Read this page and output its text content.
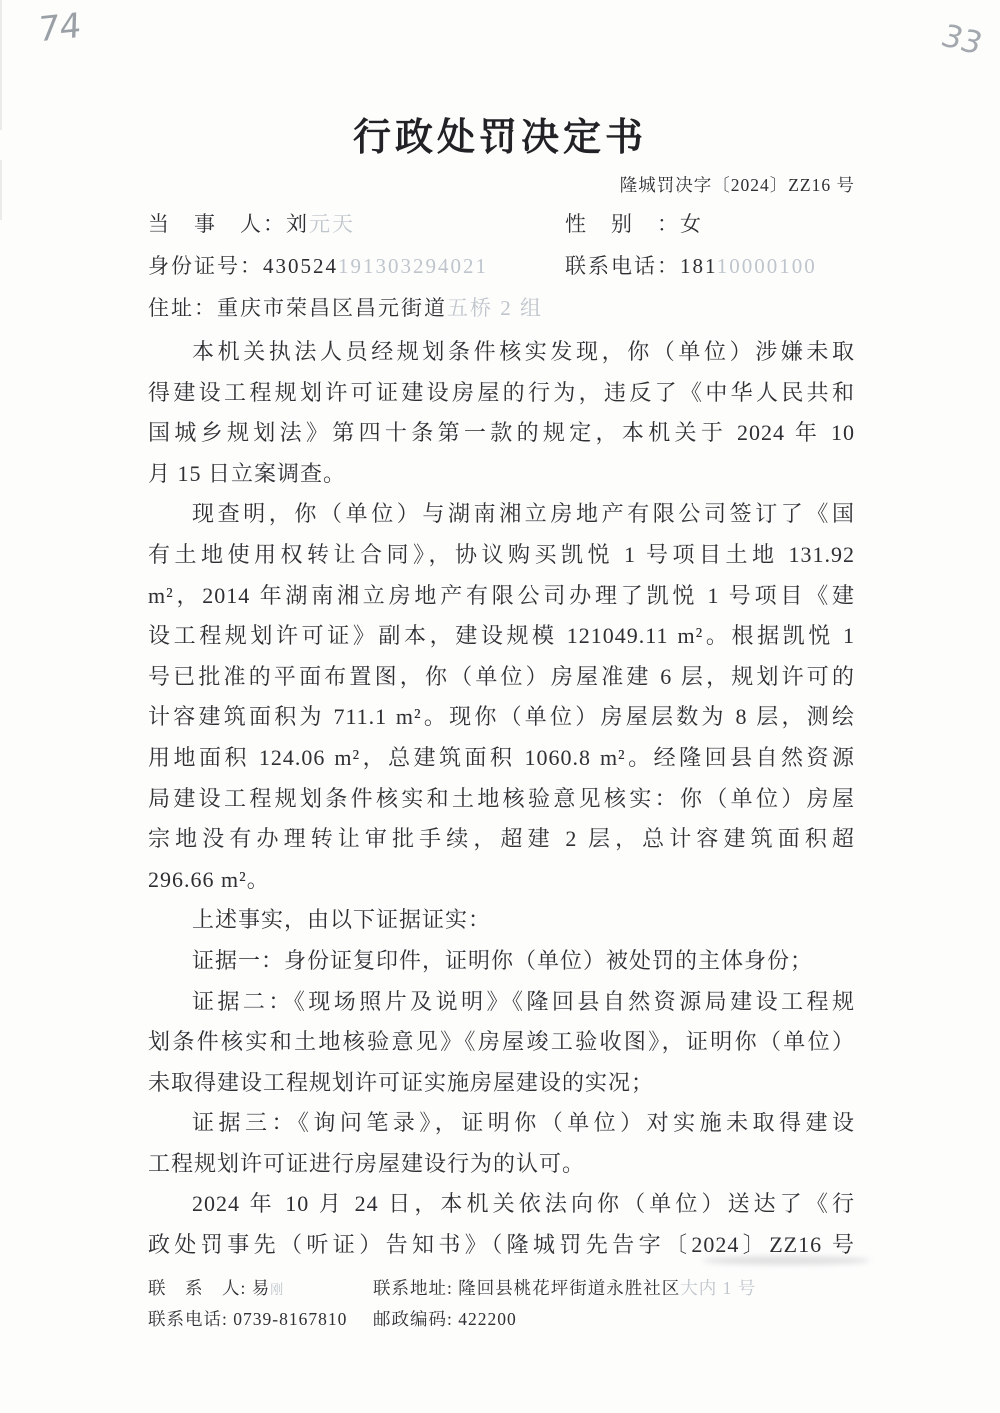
74	33
行政处罚决定书
隆城罚决字〔2024〕ZZ16 号
当　事　人：刘元天	性　别　：女
身份证号：430524191303294021	联系电话：18110000100
住址：重庆市荣昌区昌元街道五桥 2 组
本机关执法人员经规划条件核实发现，你（单位）涉嫌未取
得建设工程规划许可证建设房屋的行为，违反了《中华人民共和
国城乡规划法》第四十条第一款的规定，本机关于 2024 年 10
月 15 日立案调查。
现查明，你（单位）与湖南湘立房地产有限公司签订了《国
有土地使用权转让合同》，协议购买凯悦 1 号项目土地 131.92
m²，2014 年湖南湘立房地产有限公司办理了凯悦 1 号项目《建
设工程规划许可证》副本，建设规模 121049.11 m²。根据凯悦 1
号已批准的平面布置图，你（单位）房屋准建 6 层，规划许可的
计容建筑面积为 711.1 m²。现你（单位）房屋层数为 8 层，测绘
用地面积 124.06 m²，总建筑面积 1060.8 m²。经隆回县自然资源
局建设工程规划条件核实和土地核验意见核实：你（单位）房屋
宗地没有办理转让审批手续，超建 2 层，总计容建筑面积超
296.66 m²。
上述事实，由以下证据证实：
证据一：身份证复印件，证明你（单位）被处罚的主体身份；
证据二：《现场照片及说明》《隆回县自然资源局建设工程规
划条件核实和土地核验意见》《房屋竣工验收图》，证明你（单位）
未取得建设工程规划许可证实施房屋建设的实况；
证据三：《询问笔录》，证明你（单位）对实施未取得建设
工程规划许可证进行房屋建设行为的认可。
2024 年 10 月 24 日，本机关依法向你（单位）送达了《行
政处罚事先（听证）告知书》（隆城罚先告字〔2024〕ZZ16 号
联　系　人: 易刚	联系地址: 隆回县桃花坪街道永胜社区大内 1 号
联系电话: 0739-8167810	邮政编码: 422200
